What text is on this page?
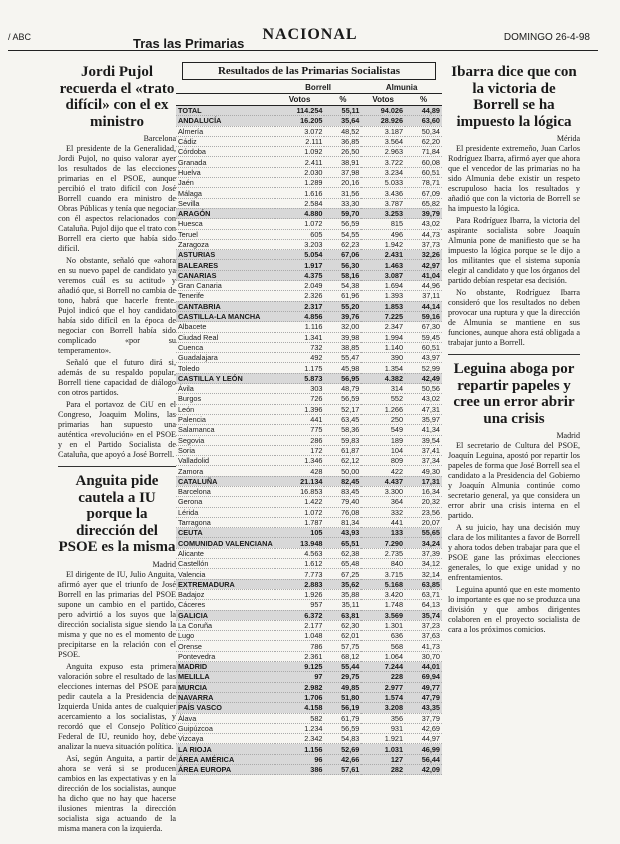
/ ABC	Tras las Primarias
NACIONAL	DOMINGO 26-4-98
Jordi Pujol recuerda el «trato difícil» con el ex ministro
Barcelona

El presidente de la Generalidad, Jordi Pujol, no quiso valorar ayer los resultados de las elecciones primarias en el PSOE, aunque percibió el trato difícil con José Borrell cuando era ministro de Obras Públicas y tenía que negociar con él aspectos relacionados con Cataluña. Pujol dijo que el trato con Borrell era cierto que había sido difícil.

No obstante, señaló que «ahora en su nuevo papel de candidato ya veremos cuál es su actitud» y añadió que, si Borrell no cambia de tono, habrá que hacerle frente. Pujol indicó que el hoy candidato había sido difícil en la época de negociar con Borrell había sido complicado «por su temperamento».

Señaló que el futuro dirá si, además de su respaldo popular, Borrell tiene capacidad de diálogo con otros partidos.

Para el portavoz de CiU en el Congreso, Joaquim Molins, las primarias han supuesto una auténtica «revolución» en el PSOE y en el Partido Socialista de Cataluña, que apoyó a José Borrell.

Anguita pide cautela a IU porque la dirección del PSOE es la misma
Madrid

El dirigente de IU, Julio Anguita, afirmó ayer que el triunfo de José Borrell en las primarias del PSOE supone un cambio en el partido, pero advirtió a los suyos que la dirección socialista sigue siendo la misma y que no es el momento de precipitarse en la relación con el PSOE.

Anguita expuso esta primera valoración sobre el resultado de las elecciones internas del PSOE para pedir cautela a la Presidencia de Izquierda Unida antes de cualquier acercamiento a los socialistas, y recordó que el Consejo Político Federal de IU, reunido hoy, debe analizar la nueva situación política.

Así, según Anguita, a partir de ahora se verá si se producen cambios en las expectativas y en la dirección de los socialistas, aunque ha dicho que no hay que hacerse ilusiones mientras la dirección socialista siga actuando de la misma manera con la izquierda.

Resultados de las Primarias Socialistas
	Borrell		Almunia	
	Votos	%	Votos	%
TOTAL	114.254	55,11	94.026	44,89
ANDALUCÍA	16.205	35,64	28.926	63,60
Almería	3.072	48,52	3.187	50,34
Cádiz	2.111	36,85	3.564	62,20
Córdoba	1.092	26,50	2.963	71,84
Granada	2.411	38,91	3.722	60,08
Huelva	2.030	37,98	3.234	60,51
Jaén	1.289	20,16	5.033	78,71
Málaga	1.616	31,56	3.436	67,09
Sevilla	2.584	33,30	3.787	65,82
ARAGÓN	4.880	59,70	3.253	39,79
Huesca	1.072	56,59	815	43,02
Teruel	605	54,55	496	44,73
Zaragoza	3.203	62,23	1.942	37,73
ASTURIAS	5.054	67,06	2.431	32,26
BALEARES	1.917	56,30	1.463	42,97
CANARIAS	4.375	58,16	3.087	41,04
Gran Canaria	2.049	54,38	1.694	44,96
Tenerife	2.326	61,96	1.393	37,11
CANTABRIA	2.317	55,20	1.853	44,14
CASTILLA-LA MANCHA	4.856	39,76	7.225	59,16
Albacete	1.116	32,00	2.347	67,30
Ciudad Real	1.341	39,98	1.994	59,45
Cuenca	732	38,85	1.140	60,51
Guadalajara	492	55,47	390	43,97
Toledo	1.175	45,98	1.354	52,99
CASTILLA Y LEÓN	5.873	56,95	4.382	42,49
Ávila	303	48,79	314	50,56
Burgos	726	56,59	552	43,02
León	1.396	52,17	1.266	47,31
Palencia	441	63,45	250	35,97
Salamanca	775	58,36	549	41,34
Segovia	286	59,83	189	39,54
Soria	172	61,87	104	37,41
Valladolid	1.346	62,12	809	37,34
Zamora	428	50,00	422	49,30
CATALUÑA	21.134	82,45	4.437	17,31
Barcelona	16.853	83,45	3.300	16,34
Gerona	1.422	79,40	364	20,32
Lérida	1.072	76,08	332	23,56
Tarragona	1.787	81,34	441	20,07
CEUTA	105	43,93	133	55,65
COMUNIDAD VALENCIANA	13.948	65,51	7.290	34,24
Alicante	4.563	62,38	2.735	37,39
Castellón	1.612	65,48	840	34,12
Valencia	7.773	67,25	3.715	32,14
EXTREMADURA	2.883	35,62	5.168	63,85
Badajoz	1.926	35,88	3.420	63,71
Cáceres	957	35,11	1.748	64,13
GALICIA	6.372	63,81	3.569	35,74
La Coruña	2.177	62,30	1.301	37,23
Lugo	1.048	62,01	636	37,63
Orense	786	57,75	568	41,73
Pontevedra	2.361	68,12	1.064	30,70
MADRID	9.125	55,44	7.244	44,01
MELILLA	97	29,75	228	69,94
MURCIA	2.982	49,85	2.977	49,77
NAVARRA	1.706	51,80	1.574	47,79
PAÍS VASCO	4.158	56,19	3.208	43,35
Álava	582	61,79	356	37,79
Guipúzcoa	1.234	56,59	931	42,69
Vizcaya	2.342	54,83	1.921	44,97
LA RIOJA	1.156	52,69	1.031	46,99
ÁREA AMÉRICA	96	42,66	127	56,44
ÁREA EUROPA	386	57,61	282	42,09
Ibarra dice que con la victoria de Borrell se ha impuesto la lógica
Mérida

El presidente extremeño, Juan Carlos Rodríguez Ibarra, afirmó ayer que ahora que el vencedor de las primarias no ha sido Almunia debe existir un respeto escrupuloso hacia los resultados y añadió que con la victoria de Borrell se ha impuesto la lógica.

Para Rodríguez Ibarra, la victoria del aspirante socialista sobre Joaquín Almunia pone de manifiesto que se ha impuesto la lógica porque se le dijo a los militantes que el sistema suponía elegir al candidato y que los órganos del partido debían respetar esa decisión.

No obstante, Rodríguez Ibarra consideró que los resultados no deben provocar una ruptura y que la dirección de Almunia se mantiene en sus funciones, aunque ahora está obligada a trabajar junto a Borrell.

Leguina aboga por repartir papeles y cree un error abrir una crisis
Madrid

El secretario de Cultura del PSOE, Joaquín Leguina, apostó por repartir los papeles de forma que José Borrell sea el candidato a la Presidencia del Gobierno y Joaquín Almunia continúe como secretario general, ya que considera un error abrir una crisis interna en el partido.

A su juicio, hay una decisión muy clara de los militantes a favor de Borrell y ahora todos deben trabajar para que el PSOE gane las próximas elecciones generales, lo que exige unidad y no enfrentamientos.

Leguina apuntó que en este momento lo importante es que no se produzca una división y que ambos dirigentes colaboren en el proyecto socialista de cara a los próximos comicios.
